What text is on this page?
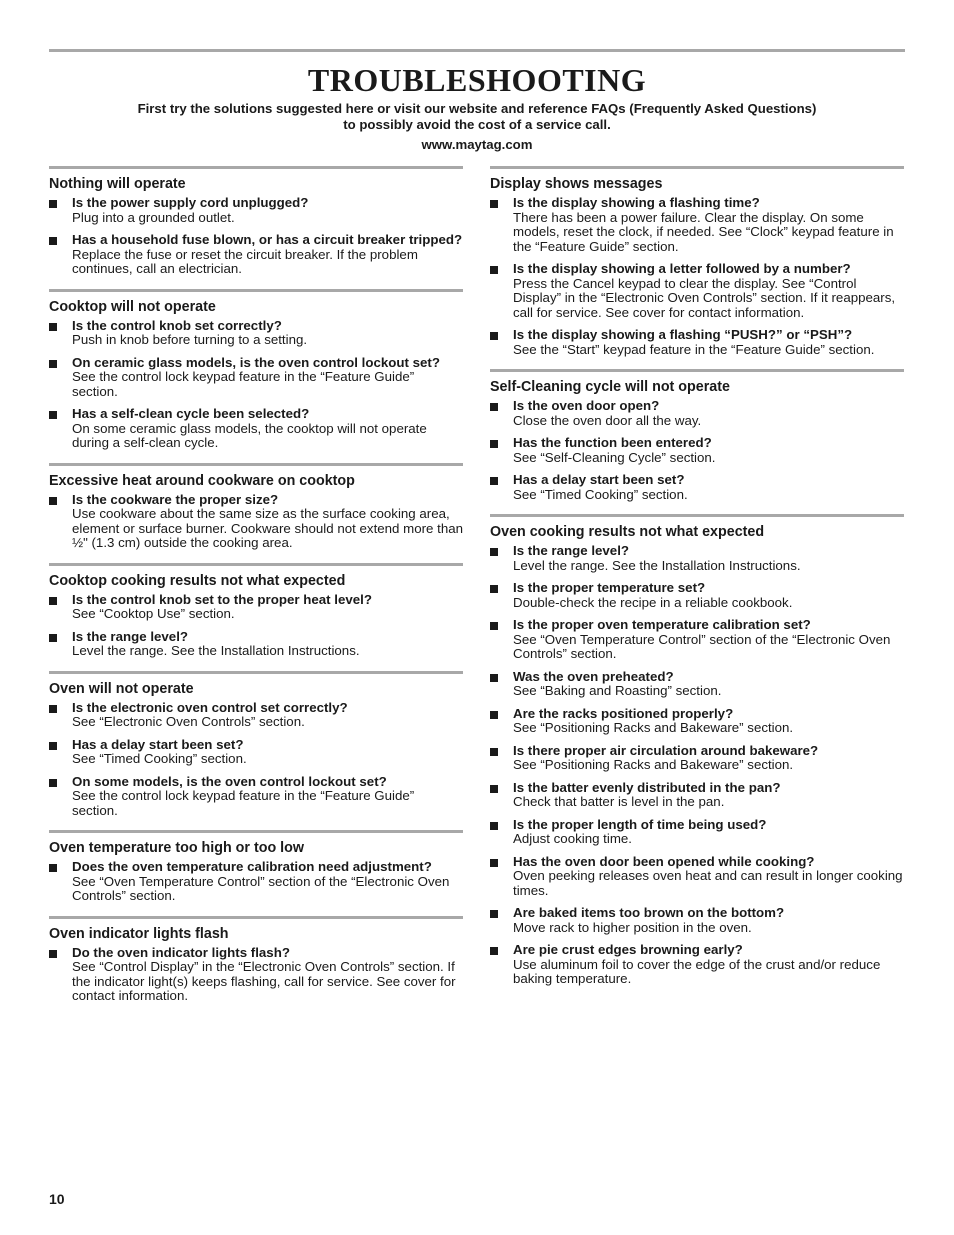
TROUBLESHOOTING
First try the solutions suggested here or visit our website and reference FAQs (Frequently Asked Questions)
to possibly avoid the cost of a service call.
www.maytag.com
Nothing will operate
Is the power supply cord unplugged?
Plug into a grounded outlet.
Has a household fuse blown, or has a circuit breaker tripped?
Replace the fuse or reset the circuit breaker. If the problem continues, call an electrician.
Cooktop will not operate
Is the control knob set correctly?
Push in knob before turning to a setting.
On ceramic glass models, is the oven control lockout set?
See the control lock keypad feature in the “Feature Guide” section.
Has a self-clean cycle been selected?
On some ceramic glass models, the cooktop will not operate during a self-clean cycle.
Excessive heat around cookware on cooktop
Is the cookware the proper size?
Use cookware about the same size as the surface cooking area, element or surface burner. Cookware should not extend more than ½" (1.3 cm) outside the cooking area.
Cooktop cooking results not what expected
Is the control knob set to the proper heat level?
See “Cooktop Use” section.
Is the range level?
Level the range. See the Installation Instructions.
Oven will not operate
Is the electronic oven control set correctly?
See “Electronic Oven Controls” section.
Has a delay start been set?
See “Timed Cooking” section.
On some models, is the oven control lockout set?
See the control lock keypad feature in the “Feature Guide” section.
Oven temperature too high or too low
Does the oven temperature calibration need adjustment?
See “Oven Temperature Control” section of the “Electronic Oven Controls” section.
Oven indicator lights flash
Do the oven indicator lights flash?
See “Control Display” in the “Electronic Oven Controls” section. If the indicator light(s) keeps flashing, call for service. See cover for contact information.
Display shows messages
Is the display showing a flashing time?
There has been a power failure. Clear the display. On some models, reset the clock, if needed. See “Clock” keypad feature in the “Feature Guide” section.
Is the display showing a letter followed by a number?
Press the Cancel keypad to clear the display. See “Control Display” in the “Electronic Oven Controls” section. If it reappears, call for service. See cover for contact information.
Is the display showing a flashing “PUSH?” or “PSH”?
See the “Start” keypad feature in the “Feature Guide” section.
Self-Cleaning cycle will not operate
Is the oven door open?
Close the oven door all the way.
Has the function been entered?
See “Self-Cleaning Cycle” section.
Has a delay start been set?
See “Timed Cooking” section.
Oven cooking results not what expected
Is the range level?
Level the range. See the Installation Instructions.
Is the proper temperature set?
Double-check the recipe in a reliable cookbook.
Is the proper oven temperature calibration set?
See “Oven Temperature Control” section of the “Electronic Oven Controls” section.
Was the oven preheated?
See “Baking and Roasting” section.
Are the racks positioned properly?
See “Positioning Racks and Bakeware” section.
Is there proper air circulation around bakeware?
See “Positioning Racks and Bakeware” section.
Is the batter evenly distributed in the pan?
Check that batter is level in the pan.
Is the proper length of time being used?
Adjust cooking time.
Has the oven door been opened while cooking?
Oven peeking releases oven heat and can result in longer cooking times.
Are baked items too brown on the bottom?
Move rack to higher position in the oven.
Are pie crust edges browning early?
Use aluminum foil to cover the edge of the crust and/or reduce baking temperature.
10
